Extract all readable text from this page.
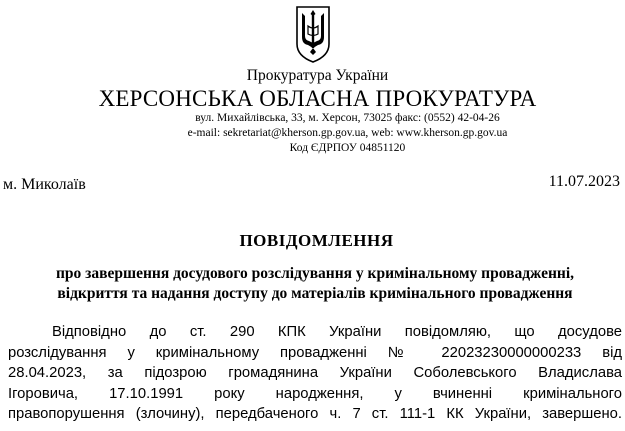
Прокуратура України
ХЕРСОНСЬКА ОБЛАСНА ПРОКУРАТУРА
вул. Михайлівська, 33, м. Херсон, 73025 факс: (0552) 42-04-26
e-mail: sekretariat@kherson.gp.gov.ua, web: www.kherson.gp.gov.ua
Код ЄДРПОУ 04851120
м. Миколаїв	11.07.2023
ПОВІДОМЛЕННЯ
про завершення досудового розслідування у кримінальному провадженні,
відкриття та надання доступу до матеріалів кримінального провадження
Відповідно до ст. 290 КПК України повідомляю, що досудове
розслідування у кримінальному провадженні № 22023230000000233 від
28.04.2023, за підозрою громадянина України Соболевського Владислава
Ігоровича, 17.10.1991 року народження, у вчиненні кримінального
правопорушення (злочину), передбаченого ч. 7 ст. 111-1 КК України, завершено.
